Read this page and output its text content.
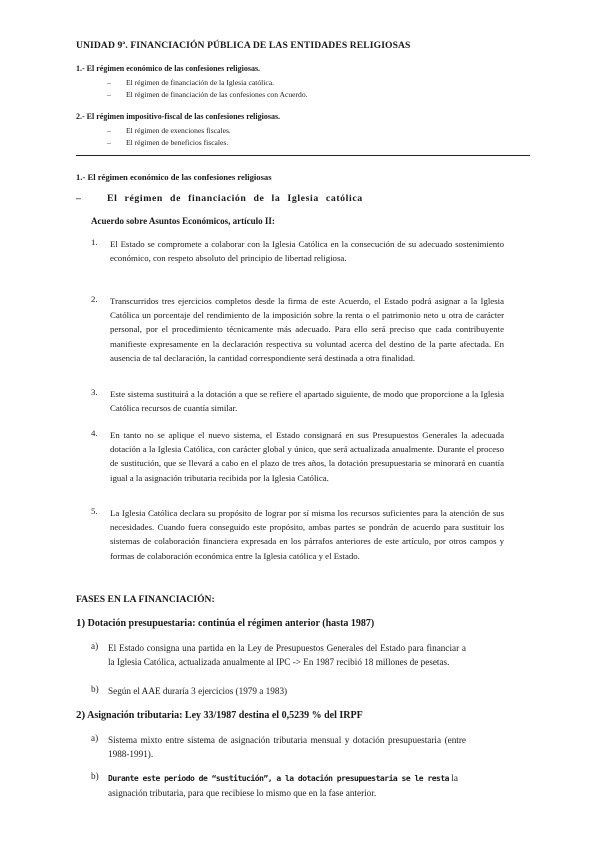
UNIDAD 9ª. FINANCIACIÓN PÚBLICA DE LAS ENTIDADES RELIGIOSAS
1.- El régimen económico de las confesiones religiosas.
El régimen de financiación de la Iglesia católica.
–
El régimen de financiación de las confesiones con Acuerdo.
–
2.- El régimen impositivo-fiscal de las confesiones religiosas.
El régimen de exenciones fiscales.
–
El régimen de beneficios fiscales.
–
1.- El régimen económico de las confesiones religiosas
–	El régimen de financiación de la Iglesia católica
Acuerdo sobre Asuntos Económicos, artículo II:
1. El Estado se compromete a colaborar con la Iglesia Católica en la consecución de su adecuado sostenimiento económico, con respeto absoluto del principio de libertad religiosa.
2. Transcurridos tres ejercicios completos desde la firma de este Acuerdo, el Estado podrá asignar a la Iglesia Católica un porcentaje del rendimiento de la imposición sobre la renta o el patrimonio neto u otra de carácter personal, por el procedimiento técnicamente más adecuado. Para ello será preciso que cada contribuyente manifieste expresamente en la declaración respectiva su voluntad acerca del destino de la parte afectada. En ausencia de tal declaración, la cantidad correspondiente será destinada a otra finalidad.
3. Este sistema sustituirá a la dotación a que se refiere el apartado siguiente, de modo que proporcione a la Iglesia Católica recursos de cuantía similar.
4. En tanto no se aplique el nuevo sistema, el Estado consignará en sus Presupuestos Generales la adecuada dotación a la Iglesia Católica, con carácter global y único, que será actualizada anualmente. Durante el proceso de sustitución, que se llevará a cabo en el plazo de tres años, la dotación presupuestaria se minorará en cuantía igual a la asignación tributaria recibida por la Iglesia Católica.
5. La Iglesia Católica declara su propósito de lograr por sí misma los recursos suficientes para la atención de sus necesidades. Cuando fuera conseguido este propósito, ambas partes se pondrán de acuerdo para sustituir los sistemas de colaboración financiera expresada en los párrafos anteriores de este artículo, por otros campos y formas de colaboración económica entre la Iglesia católica y el Estado.
FASES EN LA FINANCIACIÓN:
1) Dotación presupuestaria: continúa el régimen anterior (hasta 1987)
a) El Estado consigna una partida en la Ley de Presupuestos Generales del Estado para financiar a la Iglesia Católica, actualizada anualmente al IPC -> En 1987 recibió 18 millones de pesetas.
b) Según el AAE duraría 3 ejercicios (1979 a 1983)
2) Asignación tributaria: Ley 33/1987 destina el 0,5239 % del IRPF
a) Sistema mixto entre sistema de asignación tributaria mensual y dotación presupuestaria (entre 1988-1991).
b) Durante este periodo de “sustitución”, a la dotación presupuestaria se le resta la asignación tributaria, para que recibiese lo mismo que en la fase anterior.
